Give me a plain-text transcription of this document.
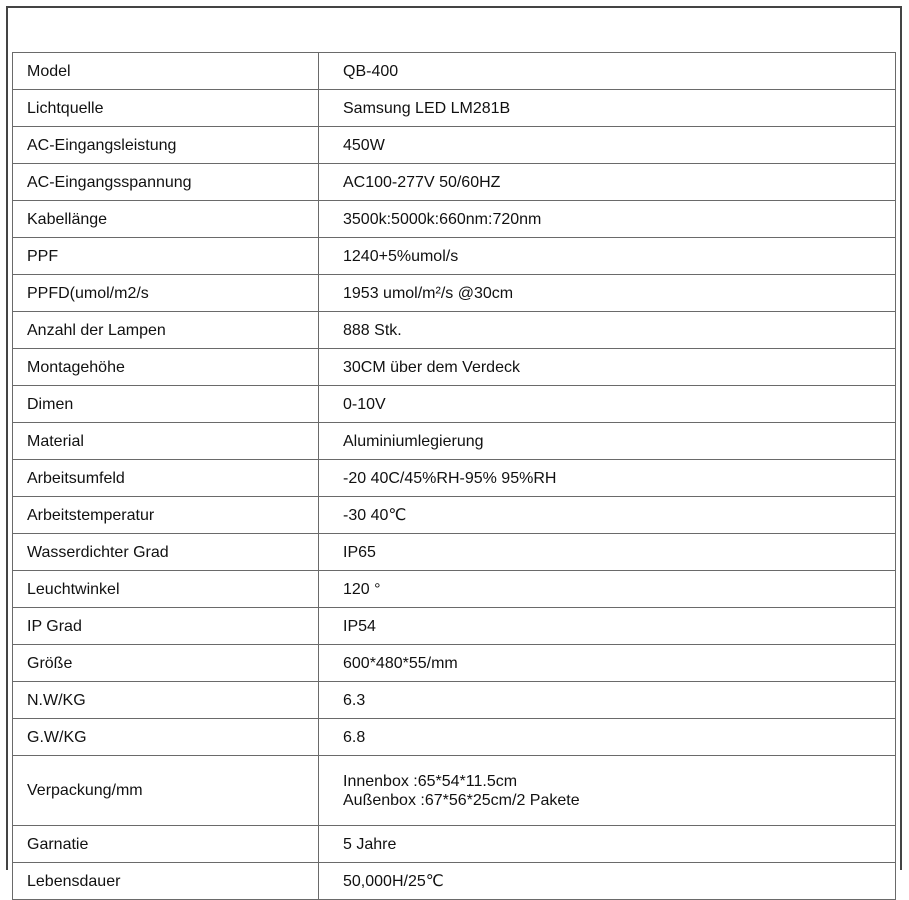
Model	QB-400
Lichtquelle	Samsung LED LM281B
AC-Eingangsleistung	450W
AC-Eingangsspannung	AC100-277V 50/60HZ
Kabellänge	3500k:5000k:660nm:720nm
PPF	1240+5%umol/s
PPFD(umol/m2/s	1953 umol/m²/s @30cm
Anzahl der Lampen	888 Stk.
Montagehöhe	30CM über dem Verdeck
Dimen	0-10V
Material	Aluminiumlegierung
Arbeitsumfeld	-20 40C/45%RH-95% 95%RH
Arbeitstemperatur	-30 40℃
Wasserdichter Grad	IP65
Leuchtwinkel	120 °
IP Grad	IP54
Größe	600*480*55/mm
N.W/KG	6.3
G.W/KG	6.8
Verpackung/mm	Innenbox :65*54*11.5cm
Außenbox :67*56*25cm/2 Pakete

Garnatie	5 Jahre
Lebensdauer	50,000H/25℃
